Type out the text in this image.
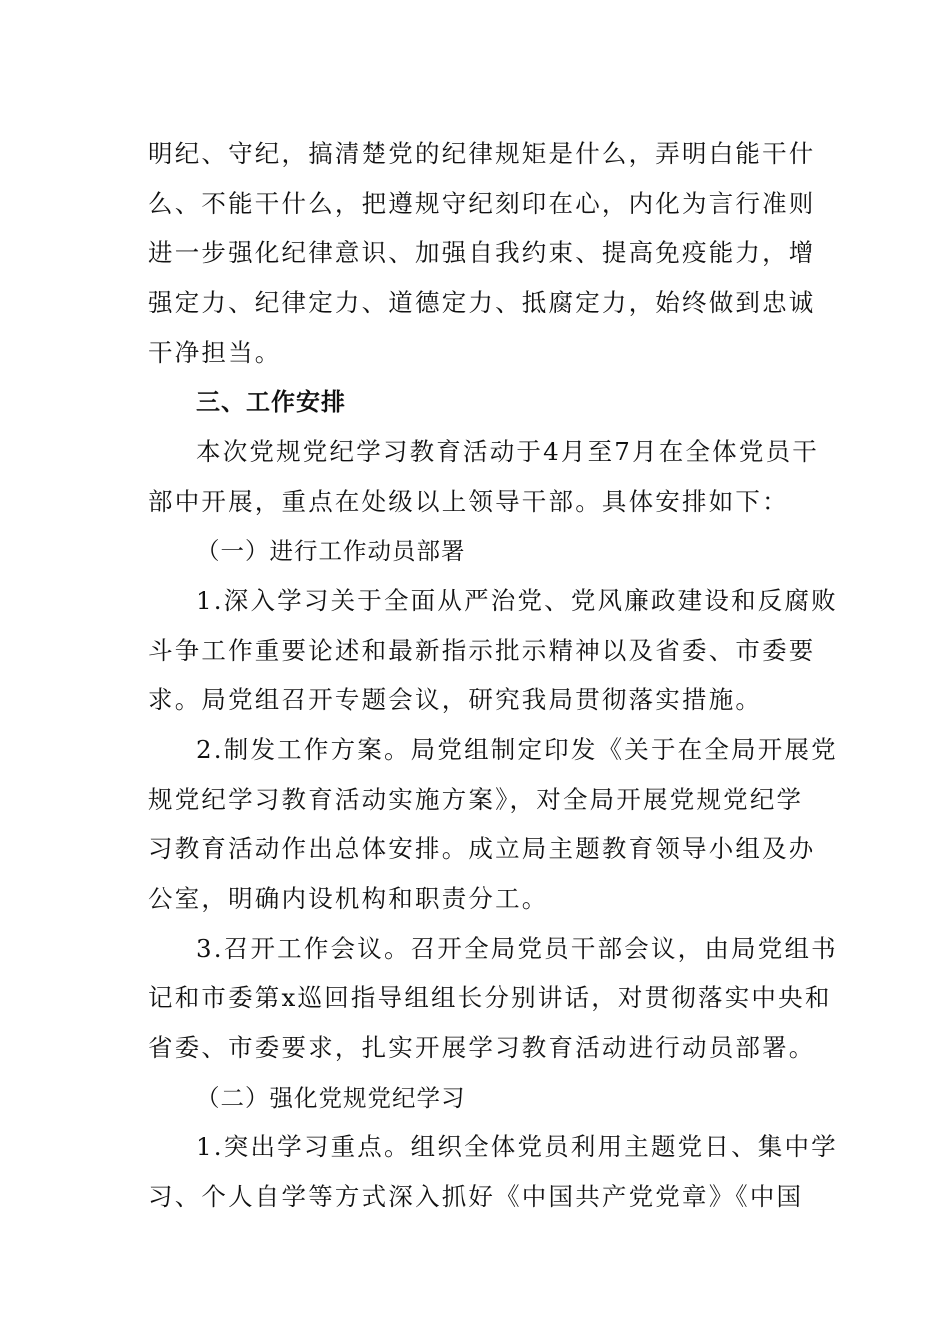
明纪、守纪，搞清楚党的纪律规矩是什么，弄明白能干什
么、不能干什么，把遵规守纪刻印在心，内化为言行准则
进一步强化纪律意识、加强自我约束、提高免疫能力，增
强定力、纪律定力、道德定力、抵腐定力，始终做到忠诚
干净担当。
三、工作安排
本次党规党纪学习教育活动于4月至7月在全体党员干
部中开展，重点在处级以上领导干部。具体安排如下：
（一）进行工作动员部署
1.深入学习关于全面从严治党、党风廉政建设和反腐败
斗争工作重要论述和最新指示批示精神以及省委、市委要
求。局党组召开专题会议，研究我局贯彻落实措施。
2.制发工作方案。局党组制定印发《关于在全局开展党
规党纪学习教育活动实施方案》，对全局开展党规党纪学
习教育活动作出总体安排。成立局主题教育领导小组及办
公室，明确内设机构和职责分工。
3.召开工作会议。召开全局党员干部会议，由局党组书
记和市委第x巡回指导组组长分别讲话，对贯彻落实中央和
省委、市委要求，扎实开展学习教育活动进行动员部署。
（二）强化党规党纪学习
1.突出学习重点。组织全体党员利用主题党日、集中学
习、个人自学等方式深入抓好《中国共产党党章》《中国
